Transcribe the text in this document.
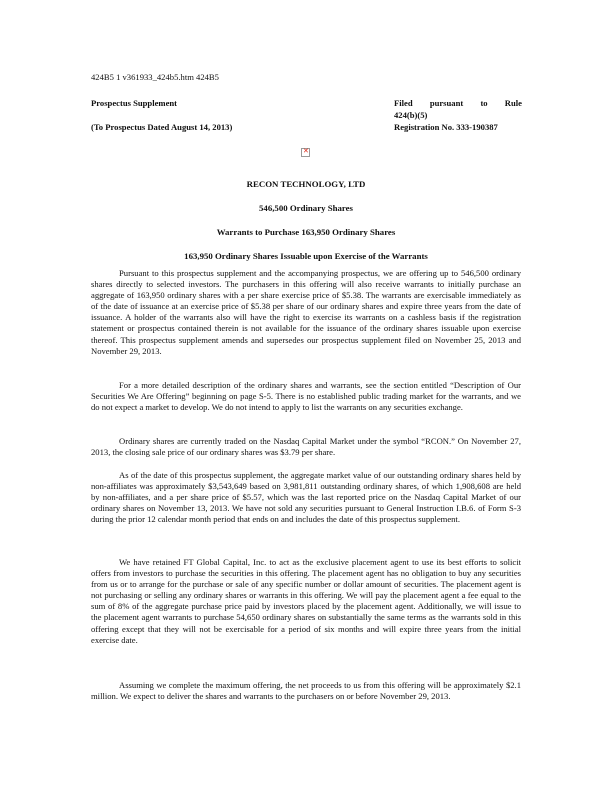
424B5 1 v361933_424b5.htm 424B5
Prospectus Supplement
(To Prospectus Dated August 14, 2013)
Filed pursuant to Rule
424(b)(5)
Registration No. 333-190387
✕
RECON TECHNOLOGY, LTD
546,500 Ordinary Shares
Warrants to Purchase 163,950 Ordinary Shares
163,950 Ordinary Shares Issuable upon Exercise of the Warrants

Pursuant to this prospectus supplement and the accompanying prospectus, we are offering up to 546,500 ordinary shares directly to selected investors. The purchasers in this offering will also receive warrants to initially purchase an aggregate of 163,950 ordinary shares with a per share exercise price of $5.38. The warrants are exercisable immediately as of the date of issuance at an exercise price of $5.38 per share of our ordinary shares and expire three years from the date of issuance. A holder of the warrants also will have the right to exercise its warrants on a cashless basis if the registration statement or prospectus contained therein is not available for the issuance of the ordinary shares issuable upon exercise thereof. This prospectus supplement amends and supersedes our prospectus supplement filed on November 25, 2013 and November 29, 2013.

For a more detailed description of the ordinary shares and warrants, see the section entitled “Description of Our Securities We Are Offering” beginning on page S-5. There is no established public trading market for the warrants, and we do not expect a market to develop. We do not intend to apply to list the warrants on any securities exchange.

Ordinary shares are currently traded on the Nasdaq Capital Market under the symbol “RCON.” On November 27, 2013, the closing sale price of our ordinary shares was $3.79 per share.

As of the date of this prospectus supplement, the aggregate market value of our outstanding ordinary shares held by non-affiliates was approximately $3,543,649 based on 3,981,811 outstanding ordinary shares, of which 1,908,608 are held by non-affiliates, and a per share price of $5.57, which was the last reported price on the Nasdaq Capital Market of our ordinary shares on November 13, 2013. We have not sold any securities pursuant to General Instruction I.B.6. of Form S-3 during the prior 12 calendar month period that ends on and includes the date of this prospectus supplement.

We have retained FT Global Capital, Inc. to act as the exclusive placement agent to use its best efforts to solicit offers from investors to purchase the securities in this offering. The placement agent has no obligation to buy any securities from us or to arrange for the purchase or sale of any specific number or dollar amount of securities. The placement agent is not purchasing or selling any ordinary shares or warrants in this offering. We will pay the placement agent a fee equal to the sum of 8% of the aggregate purchase price paid by investors placed by the placement agent. Additionally, we will issue to the placement agent warrants to purchase 54,650 ordinary shares on substantially the same terms as the warrants sold in this offering except that they will not be exercisable for a period of six months and will expire three years from the initial exercise date.

Assuming we complete the maximum offering, the net proceeds to us from this offering will be approximately $2.1 million. We expect to deliver the shares and warrants to the purchasers on or before November 29, 2013.
